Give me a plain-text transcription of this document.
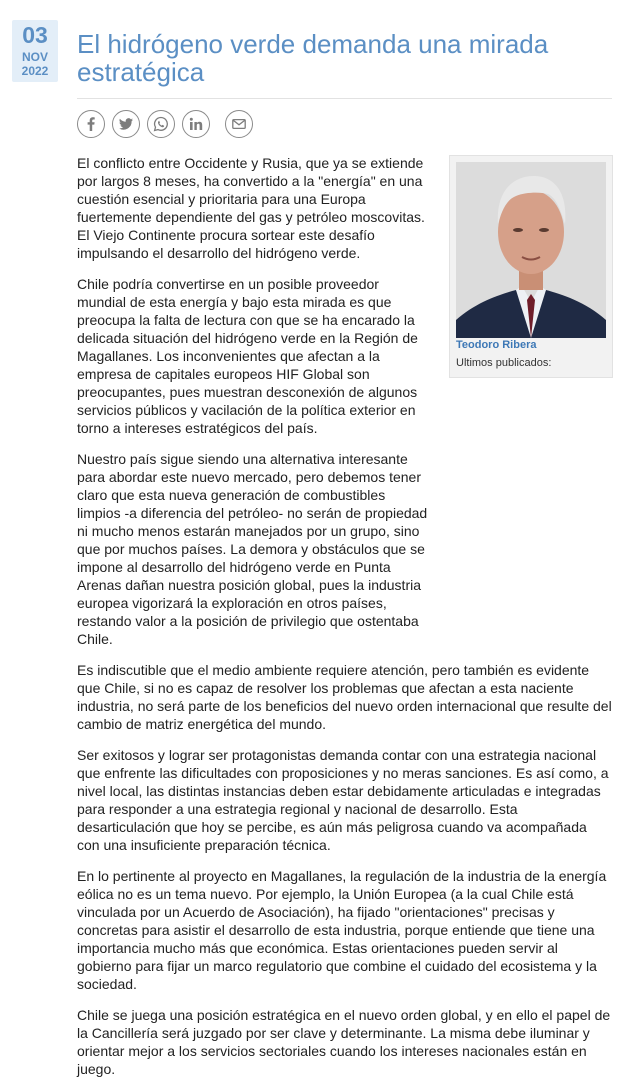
03
NOV
2022
El hidrógeno verde demanda una mirada estratégica
Teodoro Ribera
Ultimos publicados:

El conflicto entre Occidente y Rusia, que ya se extiende por largos 8 meses, ha convertido a la "energía" en una cuestión esencial y prioritaria para una Europa fuertemente dependiente del gas y petróleo moscovitas. El Viejo Continente procura sortear este desafío impulsando el desarrollo del hidrógeno verde.

Chile podría convertirse en un posible proveedor mundial de esta energía y bajo esta mirada es que preocupa la falta de lectura con que se ha encarado la delicada situación del hidrógeno verde en la Región de Magallanes. Los inconvenientes que afectan a la empresa de capitales europeos HIF Global son preocupantes, pues muestran desconexión de algunos servicios públicos y vacilación de la política exterior en torno a intereses estratégicos del país.

Nuestro país sigue siendo una alternativa interesante para abordar este nuevo mercado, pero debemos tener claro que esta nueva generación de combustibles limpios -a diferencia del petróleo- no serán de propiedad ni mucho menos estarán manejados por un grupo, sino que por muchos países. La demora y obstáculos que se impone al desarrollo del hidrógeno verde en Punta Arenas dañan nuestra posición global, pues la industria europea vigorizará la exploración en otros países, restando valor a la posición de privilegio que ostentaba Chile.

Es indiscutible que el medio ambiente requiere atención, pero también es evidente que Chile, si no es capaz de resolver los problemas que afectan a esta naciente industria, no será parte de los beneficios del nuevo orden internacional que resulte del cambio de matriz energética del mundo.

Ser exitosos y lograr ser protagonistas demanda contar con una estrategia nacional que enfrente las dificultades con proposiciones y no meras sanciones. Es así como, a nivel local, las distintas instancias deben estar debidamente articuladas e integradas para responder a una estrategia regional y nacional de desarrollo. Esta desarticulación que hoy se percibe, es aún más peligrosa cuando va acompañada con una insuficiente preparación técnica.

En lo pertinente al proyecto en Magallanes, la regulación de la industria de la energía eólica no es un tema nuevo. Por ejemplo, la Unión Europea (a la cual Chile está vinculada por un Acuerdo de Asociación), ha fijado "orientaciones" precisas y concretas para asistir el desarrollo de esta industria, porque entiende que tiene una importancia mucho más que económica. Estas orientaciones pueden servir al gobierno para fijar un marco regulatorio que combine el cuidado del ecosistema y la sociedad.

Chile se juega una posición estratégica en el nuevo orden global, y en ello el papel de la Cancillería será juzgado por ser clave y determinante. La misma debe iluminar y orientar mejor a los servicios sectoriales cuando los intereses nacionales están en juego.
